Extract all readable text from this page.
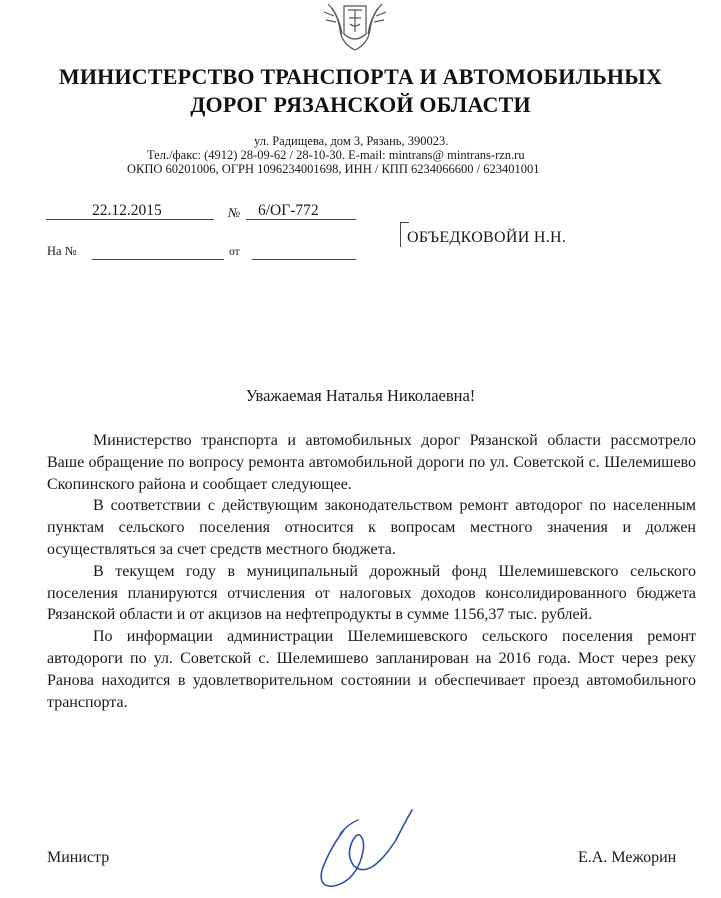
МИНИСТЕРСТВО ТРАНСПОРТА И АВТОМОБИЛЬНЫХ
ДОРОГ РЯЗАНСКОЙ ОБЛАСТИ
ул. Радищева, дом 3, Рязань, 390023.
Тел./факс: (4912) 28-09-62 / 28-10-30. E-mail: mintrans@ mintrans-rzn.ru
ОКПО 60201006, ОГРН 1096234001698, ИНН / КПП 6234066600 / 623401001
22.12.2015	№ 6/ОГ-772
На №	от
ОБЪЕДКОВОЙИ Н.Н.
Уважаемая Наталья Николаевна!

Министерство транспорта и автомобильных дорог Рязанской области рассмотрело Ваше обращение по вопросу ремонта автомобильной дороги по ул. Советской с. Шелемишево Скопинского района и сообщает следующее.

В соответствии с действующим законодательством ремонт автодорог по населенным пунктам сельского поселения относится к вопросам местного значения и должен осуществляться за счет средств местного бюджета.

В текущем году в муниципальный дорожный фонд Шелемишевского сельского поселения планируются отчисления от налоговых доходов консолидированного бюджета Рязанской области и от акцизов на нефтепродукты в сумме 1156,37 тыс. рублей.

По информации администрации Шелемишевского сельского поселения ремонт автодороги по ул. Советской с. Шелемишево запланирован на 2016 года. Мост через реку Ранова находится в удовлетворительном состоянии и обеспечивает проезд автомобильного транспорта.

Министр	Е.А. Межорин
